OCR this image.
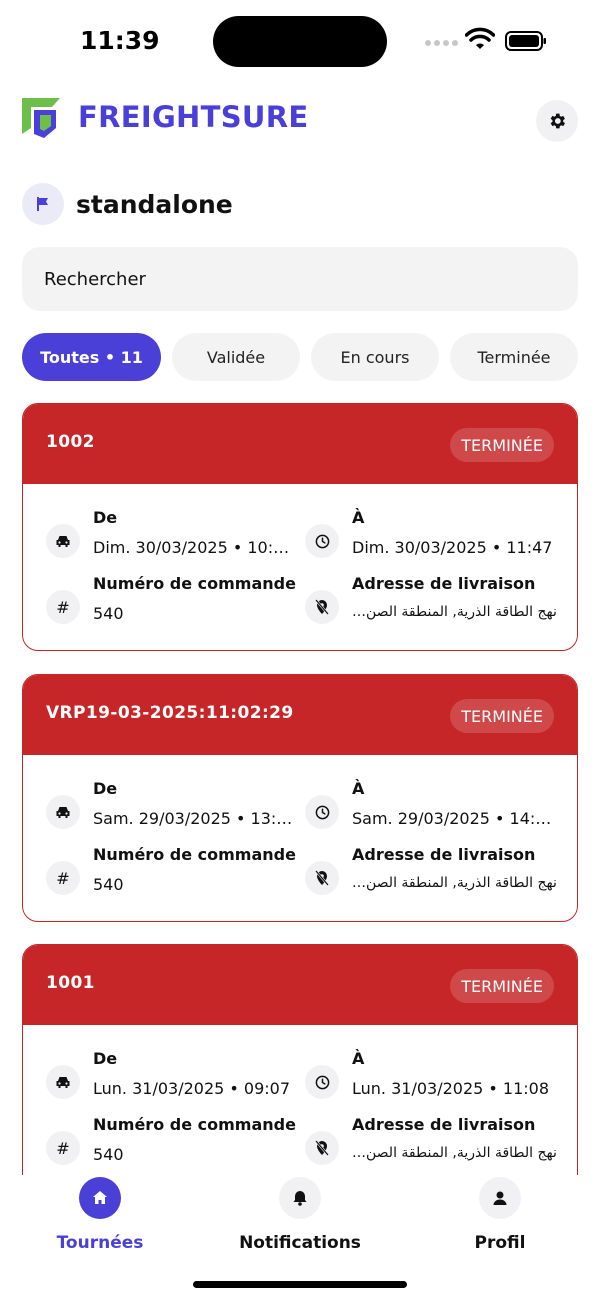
11:39
FREIGHTSURE
standalone
Rechercher
Toutes • 11	Validée	En cours	Terminée
1002	TERMINÉE
De
Dim. 30/03/2025 • 10:…
À
Dim. 30/03/2025 • 11:47
#
Numéro de commande
540
Adresse de livraison
نهج الطاقة الذرية, المنطقة الصن…
VRP19-03-2025:11:02:29	TERMINÉE
De
Sam. 29/03/2025 • 13:…
À
Sam. 29/03/2025 • 14:…
#
Numéro de commande
540
Adresse de livraison
نهج الطاقة الذرية, المنطقة الصن…
1001	TERMINÉE
De
Lun. 31/03/2025 • 09:07
À
Lun. 31/03/2025 • 11:08
#
Numéro de commande
540
Adresse de livraison
نهج الطاقة الذرية, المنطقة الصن…
Tournées	Notifications	Profil
